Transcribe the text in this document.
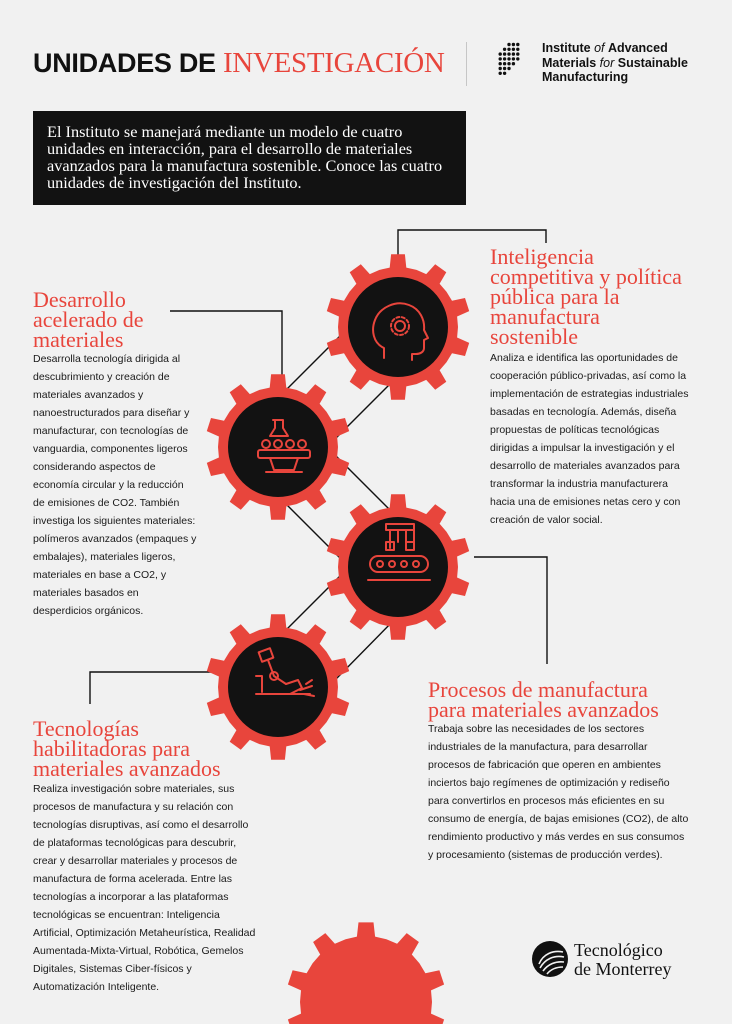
UNIDADES DE INVESTIGACIÓN	Institute of Advanced
Materials for Sustainable
Manufacturing
El Instituto se manejará mediante un modelo de cuatro unidades en interacción, para el desarrollo de materiales avanzados para la manufactura sostenible. Conoce las cuatro unidades de investigación del Instituto.
Desarrollo
acelerado de
materiales
Desarrolla tecnología dirigida al
descubrimiento y creación de
materiales avanzados y
nanoestructurados para diseñar y
manufacturar, con tecnologías de
vanguardia, componentes ligeros
considerando aspectos de
economía circular y la reducción
de emisiones de CO2. También
investiga los siguientes materiales:
polímeros avanzados (empaques y
embalajes), materiales ligeros,
materiales en base a CO2, y
materiales basados en
desperdicios orgánicos.
Inteligencia
competitiva y política
pública para la
manufactura
sostenible
Analiza e identifica las oportunidades de
cooperación público-privadas, así como la
implementación de estrategias industriales
basadas en tecnología. Además, diseña
propuestas de políticas tecnológicas
dirigidas a impulsar la investigación y el
desarrollo de materiales avanzados para
transformar la industria manufacturera
hacia una de emisiones netas cero y con
creación de valor social.
Procesos de manufactura
para materiales avanzados
Trabaja sobre las necesidades de los sectores
industriales de la manufactura, para desarrollar
procesos de fabricación que operen en ambientes
inciertos bajo regímenes de optimización y rediseño
para convertirlos en procesos más eficientes en su
consumo de energía, de bajas emisiones (CO2), de alto
rendimiento productivo y más verdes en sus consumos
y procesamiento (sistemas de producción verdes).
Tecnologías
habilitadoras para
materiales avanzados
Realiza investigación sobre materiales, sus
procesos de manufactura y su relación con
tecnologías disruptivas, así como el desarrollo
de plataformas tecnológicas para descubrir,
crear y desarrollar materiales y procesos de
manufactura de forma acelerada. Entre las
tecnologías a incorporar a las plataformas
tecnológicas se encuentran: Inteligencia
Artificial, Optimización Metaheurística, Realidad
Aumentada-Mixta-Virtual, Robótica, Gemelos
Digitales, Sistemas Ciber-físicos y
Automatización Inteligente.
Tecnológico
de Monterrey
